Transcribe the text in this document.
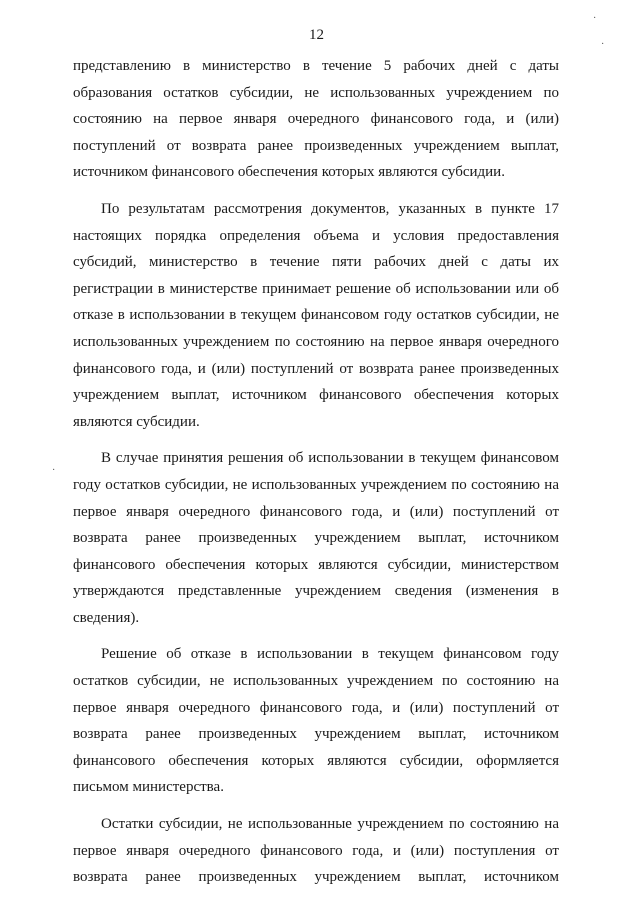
12
представлению в министерство в течение 5 рабочих дней с даты
образования остатков субсидии, не использованных учреждением по
состоянию на первое января очередного финансового года, и (или)
поступлений от возврата ранее произведенных учреждением выплат,
источником финансового обеспечения которых являются субсидии.
По результатам рассмотрения документов, указанных в пункте 17
настоящих порядка определения объема и условия предоставления
субсидий, министерство в течение пяти рабочих дней с даты их
регистрации в министерстве принимает решение об использовании или об
отказе в использовании в текущем финансовом году остатков субсидии, не
использованных учреждением по состоянию на первое января очередного
финансового года, и (или) поступлений от возврата ранее произведенных
учреждением выплат, источником финансового обеспечения которых
являются субсидии.
В случае принятия решения об использовании в текущем финансовом
году остатков субсидии, не использованных учреждением по состоянию на
первое января очередного финансового года, и (или) поступлений от
возврата ранее произведенных учреждением выплат, источником
финансового обеспечения которых являются субсидии, министерством
утверждаются представленные учреждением сведения (изменения в
сведения).
Решение об отказе в использовании в текущем финансовом году
остатков субсидии, не использованных учреждением по состоянию на
первое января очередного финансового года, и (или) поступлений от
возврата ранее произведенных учреждением выплат, источником
финансового обеспечения которых являются субсидии, оформляется
письмом министерства.
Остатки субсидии, не использованные учреждением по состоянию на
первое января очередного финансового года, и (или) поступления от
возврата ранее произведенных учреждением выплат, источником
·
·
·
